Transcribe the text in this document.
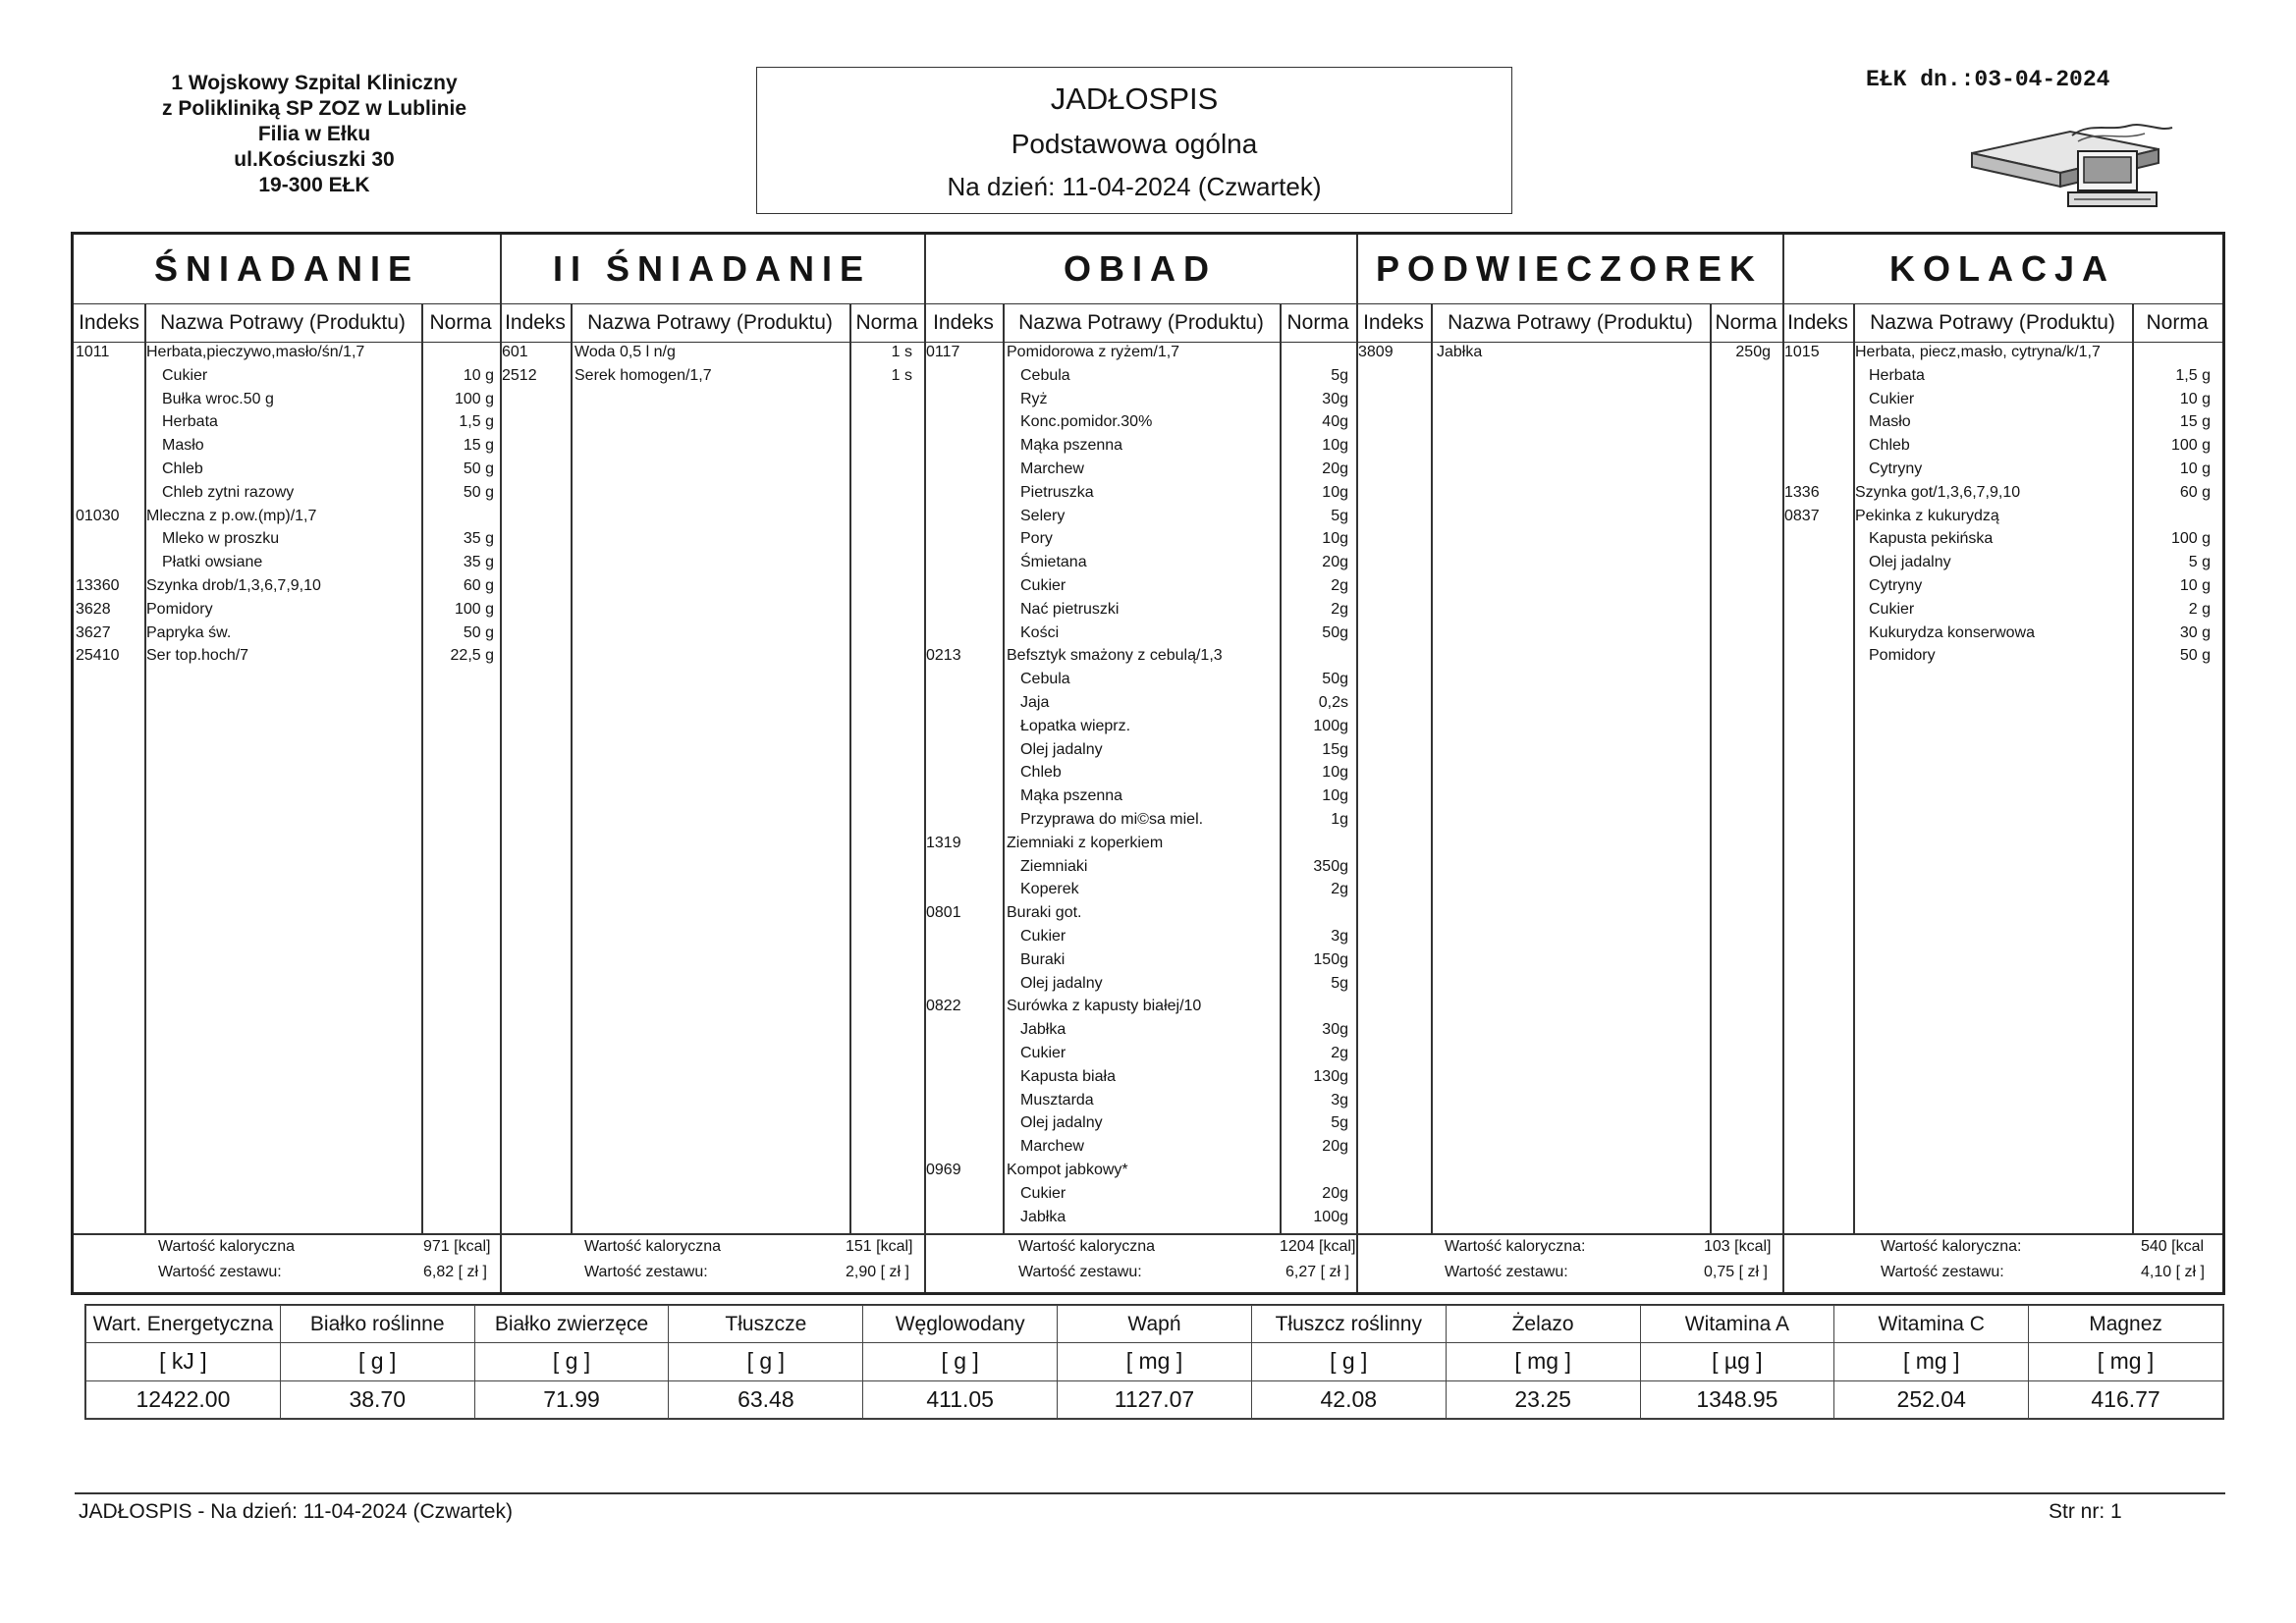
1 Wojskowy Szpital Kliniczny
z Polikliniką SP ZOZ w Lublinie
Filia w Ełku
ul.Kościuszki 30
19-300 EŁK
JADŁOSPIS
Podstawowa ogólna
Na dzień: 11-04-2024 (Czwartek)
EŁK dn.:03-04-2024
ŚNIADANIE
Indeks	Nazwa Potrawy (Produktu)	Norma
1011 Herbata,pieczywo,masło/śn/1,7
Cukier	10 g
Bułka wroc.50 g	100 g
Herbata	1,5 g
Masło	15 g
Chleb	50 g
Chleb zytni razowy	50 g
01030 Mleczna z p.ow.(mp)/1,7
Mleko w proszku	35 g
Płatki owsiane	35 g
13360 Szynka drob/1,3,6,7,9,10	60 g
3628 Pomidory	100 g
3627 Papryka św.	50 g
25410 Ser top.hoch/7	22,5 g
Wartość kaloryczna	971 [kcal]
Wartość zestawu:	6,82 [ zł ]
II ŚNIADANIE
Indeks	Nazwa Potrawy (Produktu)	Norma
601	Woda 0,5 l n/g	1 s
2512 Serek homogen/1,7	1 s
Wartość kaloryczna	151 [kcal]
Wartość zestawu:	2,90 [ zł ]
OBIAD
Indeks	Nazwa Potrawy (Produktu)	Norma
0117	Pomidorowa z ryżem/1,7
Cebula	5g
Ryż	30g
Konc.pomidor.30%	40g
Mąka pszenna	10g
Marchew	20g
Pietruszka	10g
Selery	5g
Pory	10g
Śmietana	20g
Cukier	2g
Nać pietruszki	2g
Kości	50g
0213	Befsztyk smażony z cebulą/1,3
Cebula	50g
Jaja	0,2s
Łopatka wieprz.	100g
Olej jadalny	15g
Chleb	10g
Mąka pszenna	10g
Przyprawa do mi©sa miel.	1g
1319	Ziemniaki z koperkiem
Ziemniaki	350g
Koperek	2g
0801	Buraki got.
Cukier	3g
Buraki	150g
Olej jadalny	5g
0822	Surówka z kapusty białej/10
Jabłka	30g
Cukier	2g
Kapusta biała	130g
Musztarda	3g
Olej jadalny	5g
Marchew	20g
0969	Kompot jabkowy*
Cukier	20g
Jabłka	100g
Wartość kaloryczna	1204 [kcal]
Wartość zestawu:	6,27 [ zł ]
PODWIECZOREK
Indeks	Nazwa Potrawy (Produktu)	Norma
3809	Jabłka	250g
Wartość kaloryczna:	103 [kcal]
Wartość zestawu:	0,75 [ zł ]
KOLACJA
Indeks	Nazwa Potrawy (Produktu)	Norma
1015 Herbata, piecz,masło, cytryna/k/1,7
Herbata	1,5 g
Cukier	10 g
Masło	15 g
Chleb	100 g
Cytryny	10 g
1336 Szynka got/1,3,6,7,9,10	60 g
0837 Pekinka z kukurydzą
Kapusta pekińska	100 g
Olej jadalny	5 g
Cytryny	10 g
Cukier	2 g
Kukurydza konserwowa	30 g
Pomidory	50 g
Wartość kaloryczna:	540 [kcal
Wartość zestawu:	4,10 [ zł ]
Wart. Energetyczna	Białko roślinne	Białko zwierzęce	Tłuszcze	Węglowodany	Wapń	Tłuszcz roślinny	Żelazo	Witamina A	Witamina C	Magnez
[ kJ ]	[ g ]	[ g ]	[ g ]	[ g ]	[ mg ]	[ g ]	[ mg ]	[ µg ]	[ mg ]	[ mg ]
12422.00	38.70	71.99	63.48	411.05	1127.07	42.08	23.25	1348.95	252.04	416.77
JADŁOSPIS - Na dzień: 11-04-2024 (Czwartek)	Str nr: 1
